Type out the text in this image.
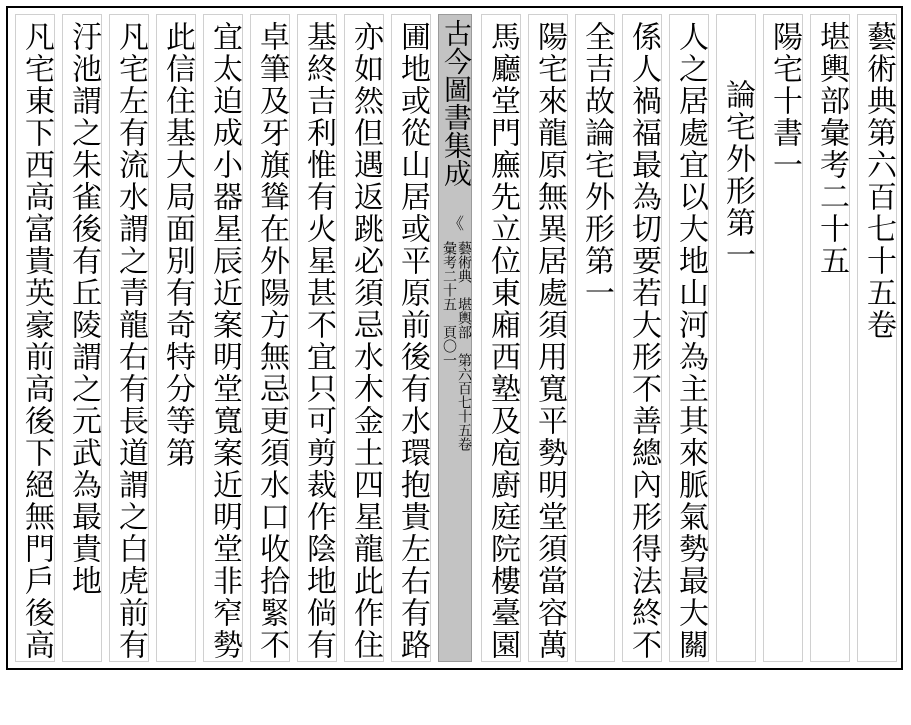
藝術典第六百七十五卷
堪輿部彙考二十五
陽宅十書一
論宅外形第一
人之居處宜以大地山河為主其來脈氣勢最大關
係人禍福最為切要若大形不善總內形得法終不
全吉故論宅外形第一
陽宅來龍原無異居處須用寬平勢明堂須當容萬
馬廳堂門廡先立位東廂西塾及庖廚庭院樓臺園
古今圖書集成
《
藝術典　堪輿部　第六百七十五卷
彙考二十五　頁〇一
圃地或從山居或平原前後有水環抱貴左右有路
亦如然但遇返跳必須忌水木金土四星龍此作住
基終吉利惟有火星甚不宜只可剪裁作陰地倘有
卓筆及牙旗聳在外陽方無忌更須水口收拾緊不
宜太迫成小器星辰近案明堂寬案近明堂非窄勢
此信住基大局面別有奇特分等第
凡宅左有流水謂之青龍右有長道謂之白虎前有
汙池謂之朱雀後有丘陵謂之元武為最貴地
凡宅東下西高富貴英豪前高後下絕無門戶後高
